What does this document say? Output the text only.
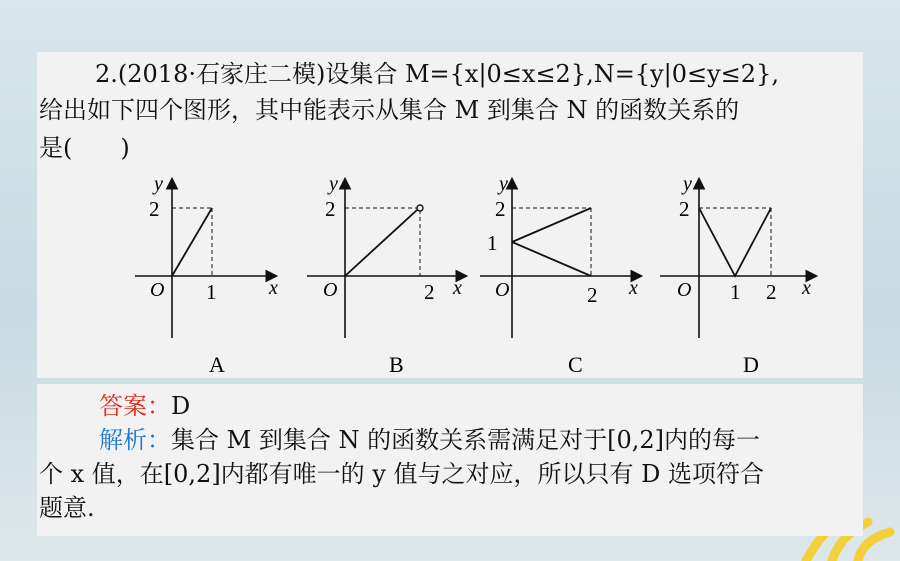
2.(2018·石家庄二模)设集合 M={x|0≤x≤2},N={y|0≤y≤2},
给出如下四个图形，其中能表示从集合 M 到集合 N 的函数关系的
是(　　)
y
x
O
2
1
A
y
x
O
2
2
B
y
x
O
2
1
2
C
y
x
O
2
1 2
D
答案：D
解析：集合 M 到集合 N 的函数关系需满足对于[0,2]内的每一
个 x 值，在[0,2]内都有唯一的 y 值与之对应，所以只有 D 选项符合
题意.
